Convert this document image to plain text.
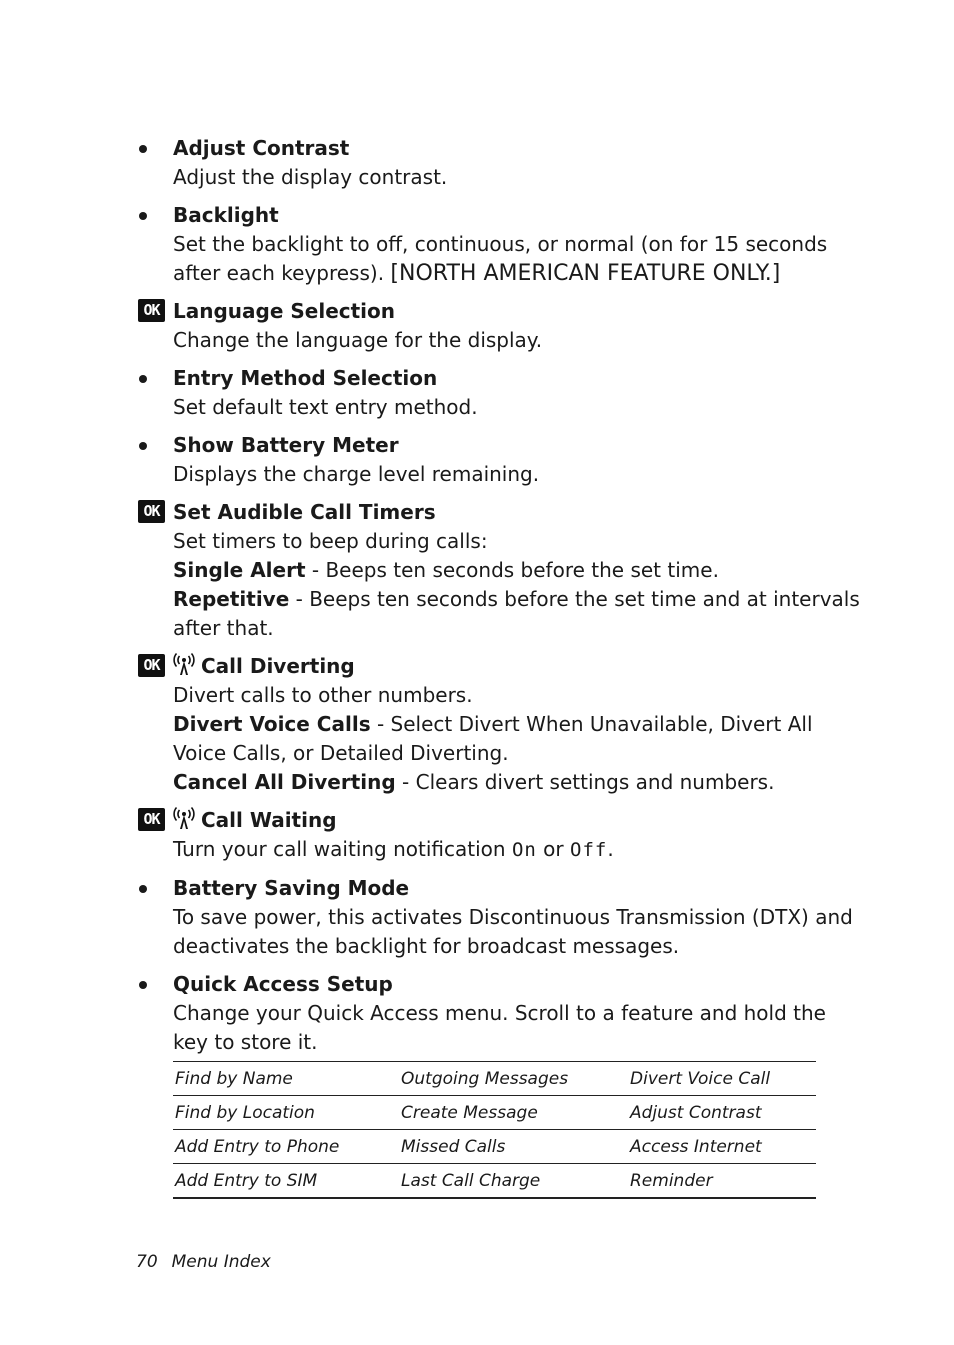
Adjust Contrast
Adjust the display contrast.
Backlight
Set the backlight to off, continuous, or normal (on for 15 seconds
after each keypress). [NORTH AMERICAN FEATURE ONLY.]
OK Language Selection
Change the language for the display.
Entry Method Selection
Set default text entry method.
Show Battery Meter
Displays the charge level remaining.
OK Set Audible Call Timers
Set timers to beep during calls:
Single Alert - Beeps ten seconds before the set time.
Repetitive - Beeps ten seconds before the set time and at intervals
after that.
OK	Call Diverting
Divert calls to other numbers.
Divert Voice Calls - Select Divert When Unavailable, Divert All
Voice Calls, or Detailed Diverting.
Cancel All Diverting - Clears divert settings and numbers.
OK	Call Waiting
Turn your call waiting notification On or Off.
Battery Saving Mode
To save power, this activates Discontinuous Transmission (DTX) and
deactivates the backlight for broadcast messages.
Quick Access Setup
Change your Quick Access menu. Scroll to a feature and hold the
key to store it.
Find by Name	Outgoing Messages	Divert Voice Call
Find by Location	Create Message	Adjust Contrast
Add Entry to Phone	Missed Calls	Access Internet
Add Entry to SIM	Last Call Charge	Reminder
70 Menu Index
